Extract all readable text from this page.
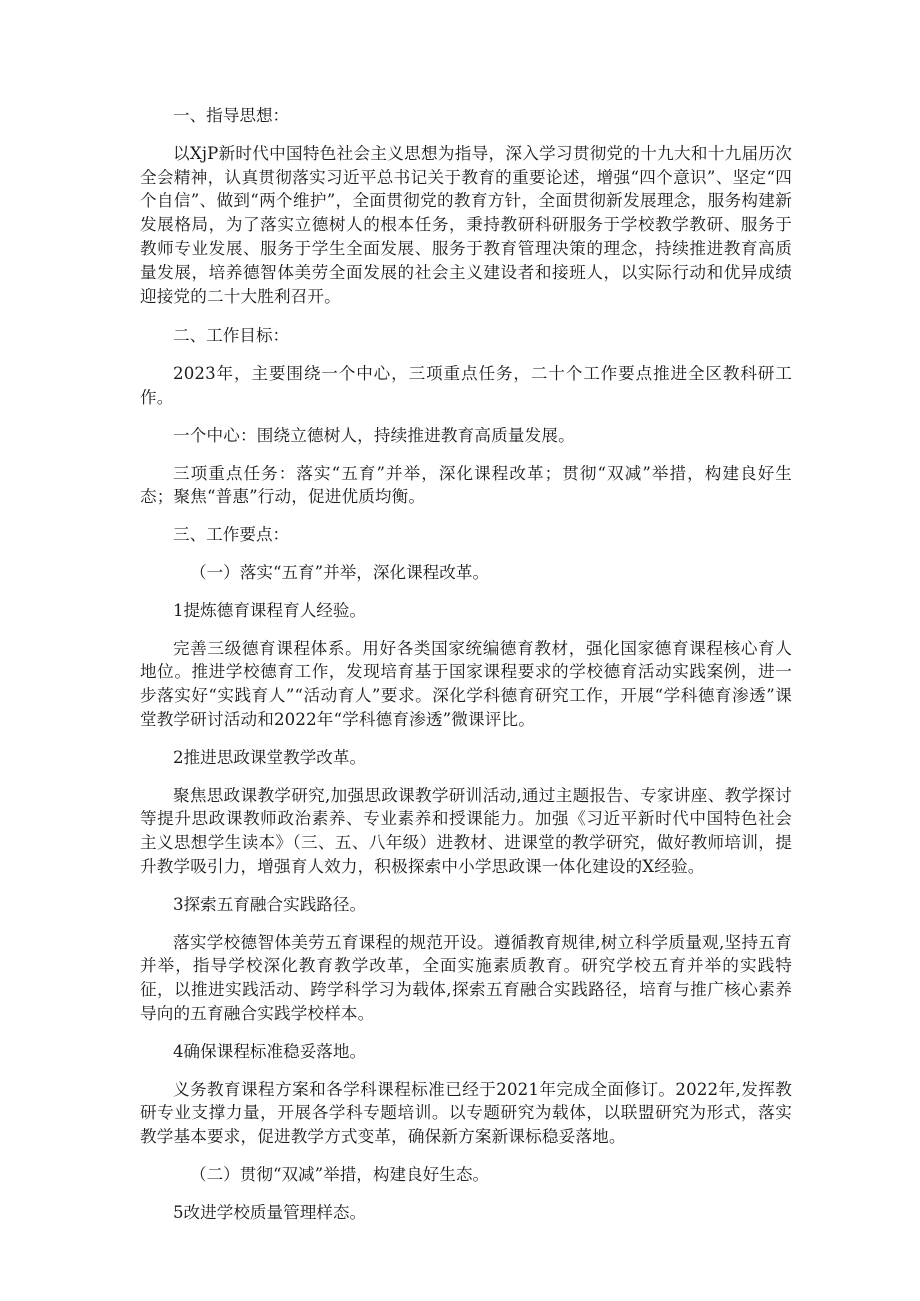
一、指导思想：

以XjP新时代中国特色社会主义思想为指导，深入学习贯彻党的十九大和十九届历次全会精神，认真贯彻落实习近平总书记关于教育的重要论述，增强“四个意识”、坚定“四个自信”、做到“两个维护”，全面贯彻党的教育方针，全面贯彻新发展理念，服务构建新发展格局，为了落实立德树人的根本任务，秉持教研科研服务于学校教学教研、服务于教师专业发展、服务于学生全面发展、服务于教育管理决策的理念，持续推进教育高质量发展，培养德智体美劳全面发展的社会主义建设者和接班人，以实际行动和优异成绩迎接党的二十大胜利召开。

二、工作目标：

2023年，主要围绕一个中心，三项重点任务，二十个工作要点推进全区教科研工作。

一个中心：围绕立德树人，持续推进教育高质量发展。

三项重点任务：落实“五育”并举，深化课程改革；贯彻“双减”举措，构建良好生态；聚焦“普惠”行动，促进优质均衡。

三、工作要点：

（一）落实“五育”并举，深化课程改革。

1提炼德育课程育人经验。

完善三级德育课程体系。用好各类国家统编德育教材，强化国家德育课程核心育人地位。推进学校德育工作，发现培育基于国家课程要求的学校德育活动实践案例，进一步落实好“实践育人”“活动育人”要求。深化学科德育研究工作，开展“学科德育渗透”课堂教学研讨活动和2022年“学科德育渗透”微课评比。

2推进思政课堂教学改革。

聚焦思政课教学研究,加强思政课教学研训活动,通过主题报告、专家讲座、教学探讨等提升思政课教师政治素养、专业素养和授课能力。加强《习近平新时代中国特色社会主义思想学生读本》（三、五、八年级）进教材、进课堂的教学研究，做好教师培训，提升教学吸引力，增强育人效力，积极探索中小学思政课一体化建设的X经验。

3探索五育融合实践路径。

落实学校德智体美劳五育课程的规范开设。遵循教育规律,树立科学质量观,坚持五育并举，指导学校深化教育教学改革，全面实施素质教育。研究学校五育并举的实践特征，以推进实践活动、跨学科学习为载体,探索五育融合实践路径，培育与推广核心素养导向的五育融合实践学校样本。

4确保课程标准稳妥落地。

义务教育课程方案和各学科课程标准已经于2021年完成全面修订。2022年,发挥教研专业支撑力量，开展各学科专题培训。以专题研究为载体，以联盟研究为形式，落实教学基本要求，促进教学方式变革，确保新方案新课标稳妥落地。

（二）贯彻“双减”举措，构建良好生态。

5改进学校质量管理样态。
